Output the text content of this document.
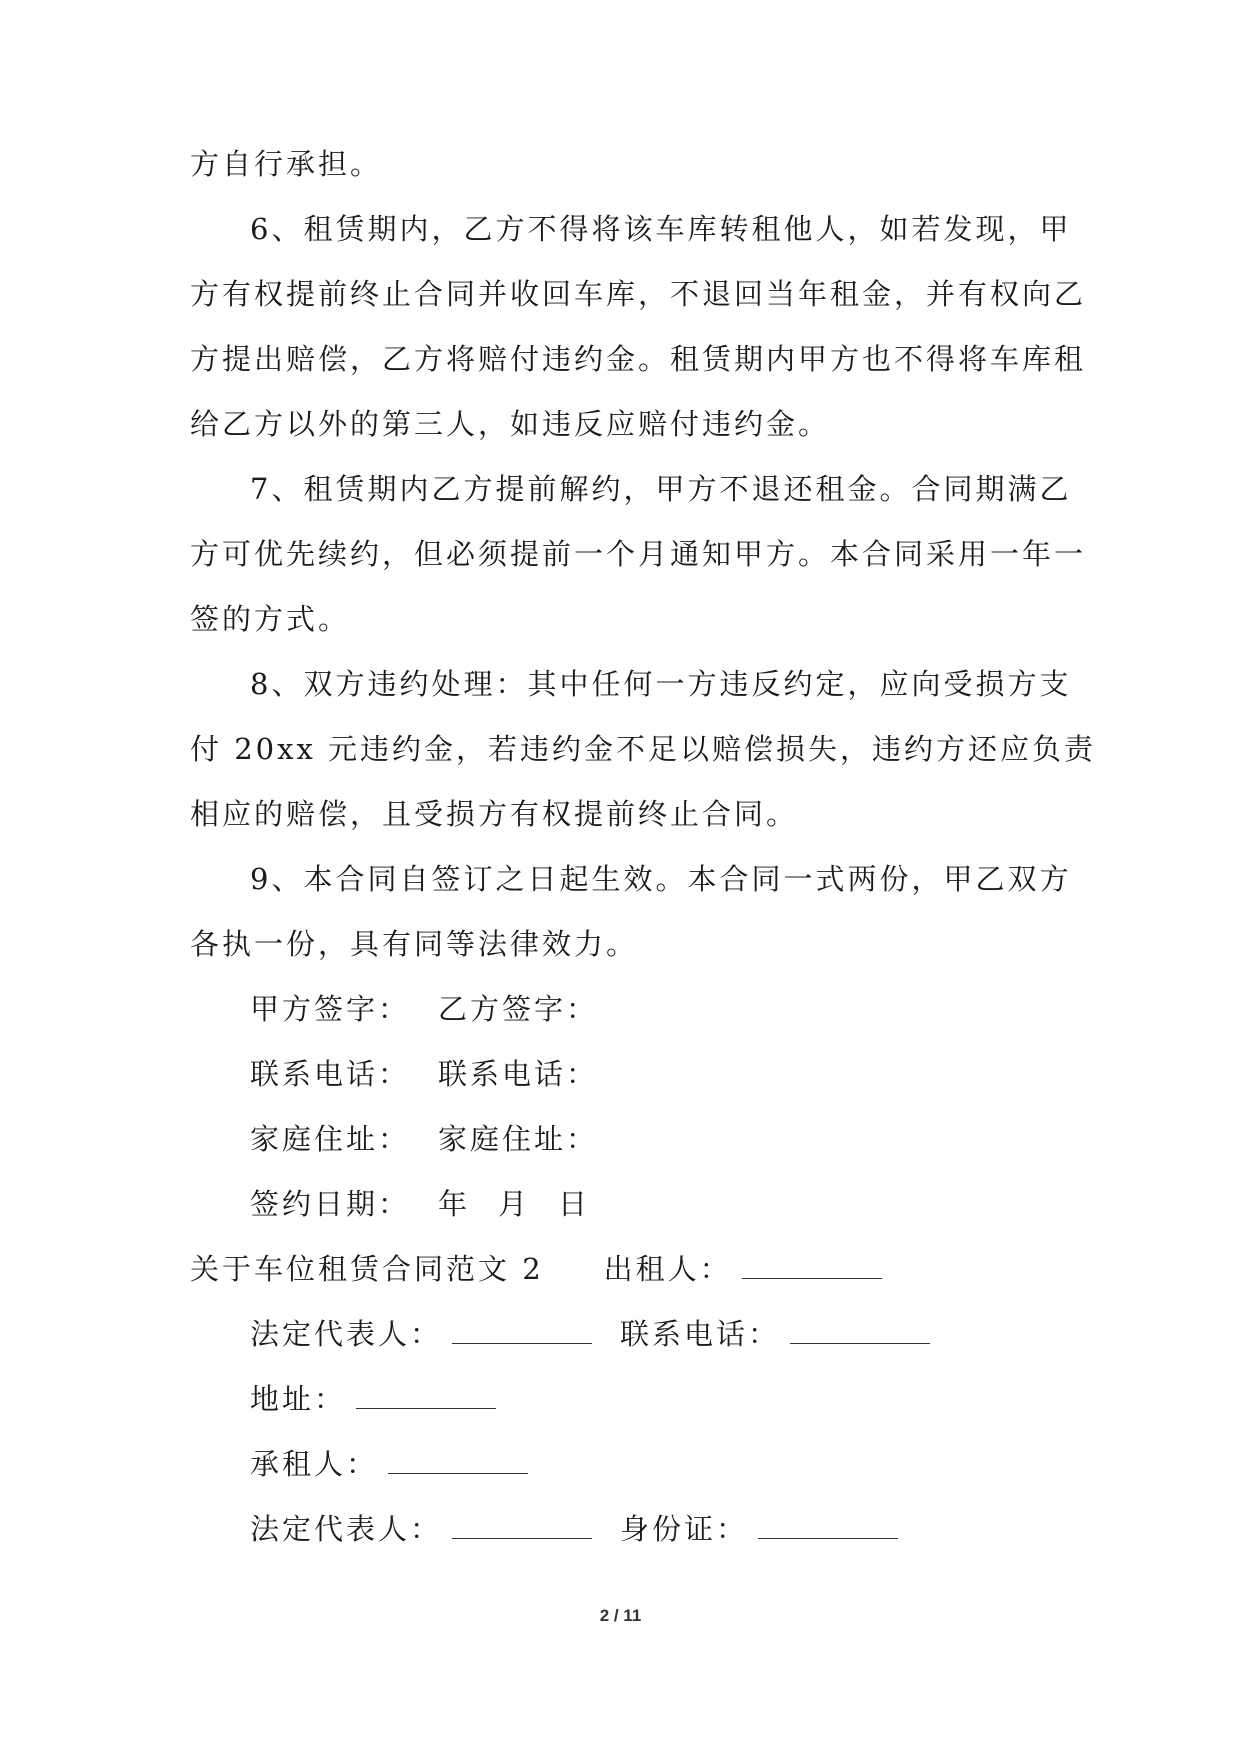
方自行承担。
6、租赁期内，乙方不得将该车库转租他人，如若发现，甲
方有权提前终止合同并收回车库，不退回当年租金，并有权向乙
方提出赔偿，乙方将赔付违约金。租赁期内甲方也不得将车库租
给乙方以外的第三人，如违反应赔付违约金。
7、租赁期内乙方提前解约，甲方不退还租金。合同期满乙
方可优先续约，但必须提前一个月通知甲方。本合同采用一年一
签的方式。
8、双方违约处理：其中任何一方违反约定，应向受损方支
付 20xx 元违约金，若违约金不足以赔偿损失，违约方还应负责
相应的赔偿，且受损方有权提前终止合同。
9、本合同自签订之日起生效。本合同一式两份，甲乙双方
各执一份，具有同等法律效力。
甲方签字： 乙方签字：
联系电话： 联系电话：
家庭住址： 家庭住址：
签约日期： 年 月 日
关于车位租赁合同范文 2 出租人：
法定代表人：	联系电话：
地址：
承租人：
法定代表人：	身份证：
2 / 11
